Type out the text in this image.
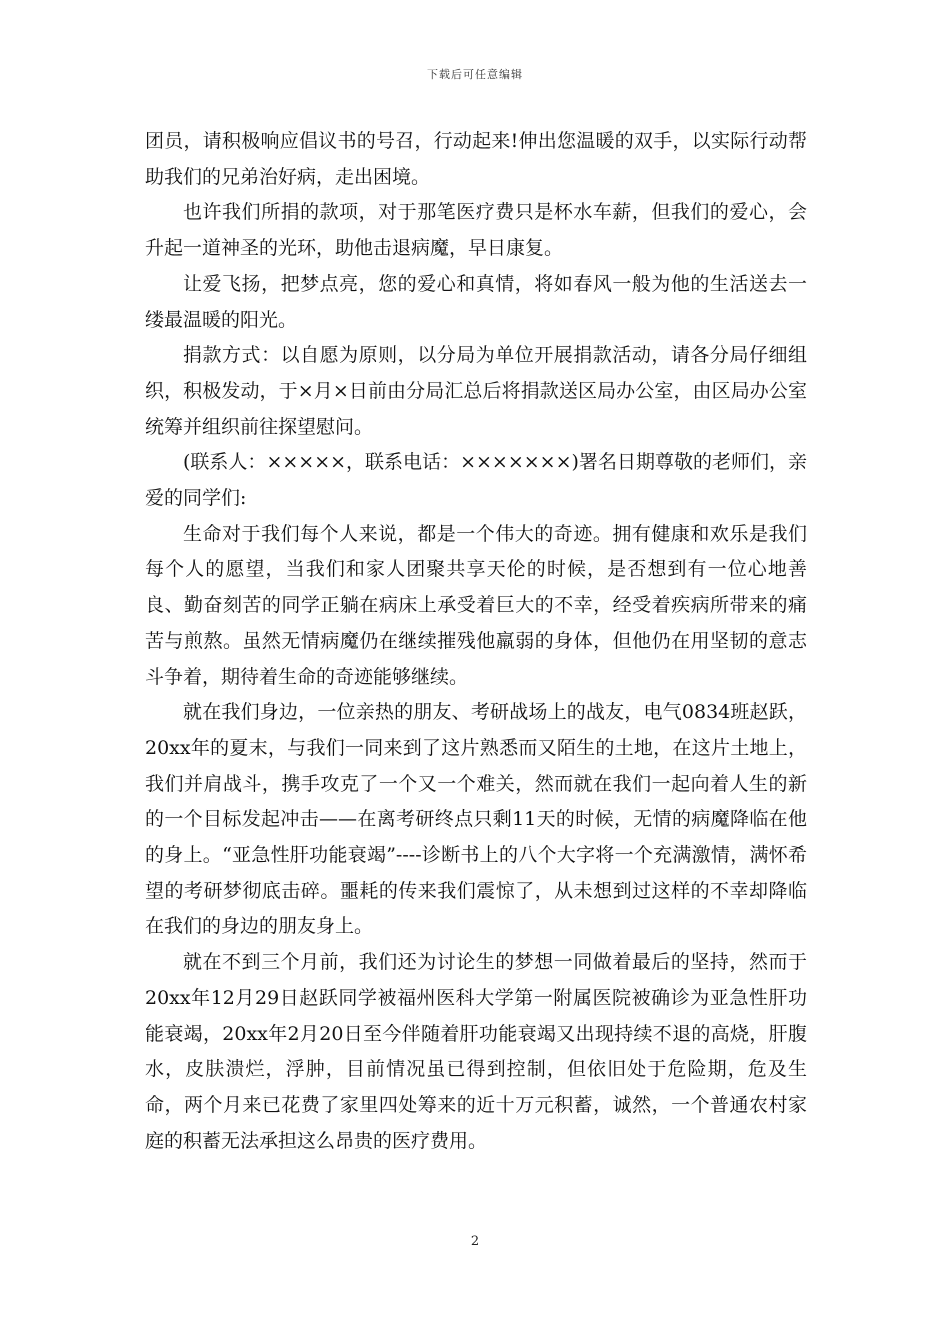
下载后可任意编辑

团员，请积极响应倡议书的号召，行动起来!伸出您温暖的双手，以实际行动帮助我们的兄弟治好病，走出困境。

也许我们所捐的款项，对于那笔医疗费只是杯水车薪，但我们的爱心，会升起一道神圣的光环，助他击退病魔，早日康复。

让爱飞扬，把梦点亮，您的爱心和真情，将如春风一般为他的生活送去一缕最温暖的阳光。

捐款方式：以自愿为原则，以分局为单位开展捐款活动，请各分局仔细组织，积极发动，于×月×日前由分局汇总后将捐款送区局办公室，由区局办公室统筹并组织前往探望慰问。

(联系人：×××××，联系电话：×××××××)署名日期尊敬的老师们，亲爱的同学们:

生命对于我们每个人来说，都是一个伟大的奇迹。拥有健康和欢乐是我们每个人的愿望，当我们和家人团聚共享天伦的时候，是否想到有一位心地善良、勤奋刻苦的同学正躺在病床上承受着巨大的不幸，经受着疾病所带来的痛苦与煎熬。虽然无情病魔仍在继续摧残他羸弱的身体，但他仍在用坚韧的意志斗争着，期待着生命的奇迹能够继续。

就在我们身边，一位亲热的朋友、考研战场上的战友，电气0834班赵跃，20xx年的夏末，与我们一同来到了这片熟悉而又陌生的土地，在这片土地上，我们并肩战斗，携手攻克了一个又一个难关，然而就在我们一起向着人生的新的一个目标发起冲击——在离考研终点只剩11天的时候，无情的病魔降临在他的身上。“亚急性肝功能衰竭”----诊断书上的八个大字将一个充满激情，满怀希望的考研梦彻底击碎。噩耗的传来我们震惊了，从未想到过这样的不幸却降临在我们的身边的朋友身上。

就在不到三个月前，我们还为讨论生的梦想一同做着最后的坚持，然而于20xx年12月29日赵跃同学被福州医科大学第一附属医院被确诊为亚急性肝功能衰竭，20xx年2月20日至今伴随着肝功能衰竭又出现持续不退的高烧，肝腹水，皮肤溃烂，浮肿，目前情况虽已得到控制，但依旧处于危险期，危及生命，两个月来已花费了家里四处筹来的近十万元积蓄，诚然，一个普通农村家庭的积蓄无法承担这么昂贵的医疗费用。

2
